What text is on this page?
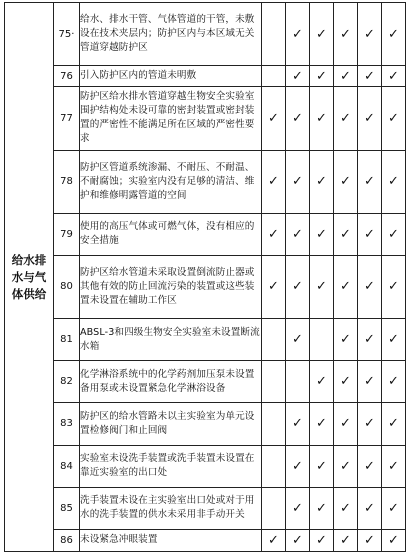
给水排
水与气
体供给	75·	给水、排水干管、气体管道的干管，未敷设在技术夹层内；防护区内与本区域无关管道穿越防护区		✓	✓	✓	✓	✓
	76	引入防护区内的管道未明敷		✓	✓	✓	✓	✓
	77	防护区给水排水管道穿越生物安全实验室围护结构处未设可靠的密封装置或密封装置的严密性不能满足所在区域的严密性要求	✓	✓	✓	✓	✓	✓
	78	防护区管道系统渗漏、不耐压、不耐温、不耐腐蚀；实验室内没有足够的清洁、维护和维修明露管道的空间	✓	✓	✓	✓	✓	✓
	79	使用的高压气体或可燃气体，没有相应的安全措施	✓	✓	✓	✓	✓	✓
	80	防护区给水管道未采取设置倒流防止器或其他有效的防止回流污染的装置或这些装置未设置在辅助工作区	✓	✓	✓	✓	✓	✓
	81	ABSL-3和四级生物安全实验室未设置断流水箱		✓		✓	✓	✓
	82	化学淋浴系统中的化学药剂加压泵未设置备用泵或未设置紧急化学淋浴设备			✓	✓	✓	✓
	83	防护区的给水管路未以主实验室为单元设置检修阀门和止回阀		✓	✓	✓	✓	✓
	84	实验室未设洗手装置或洗手装置未设置在靠近实验室的出口处		✓	✓	✓	✓	✓
	85	洗手装置未设在主实验室出口处或对于用水的洗手装置的供水未采用非手动开关		✓	✓	✓	✓	✓
	86	未设紧急冲眼装置	✓	✓	✓	✓	✓	✓
